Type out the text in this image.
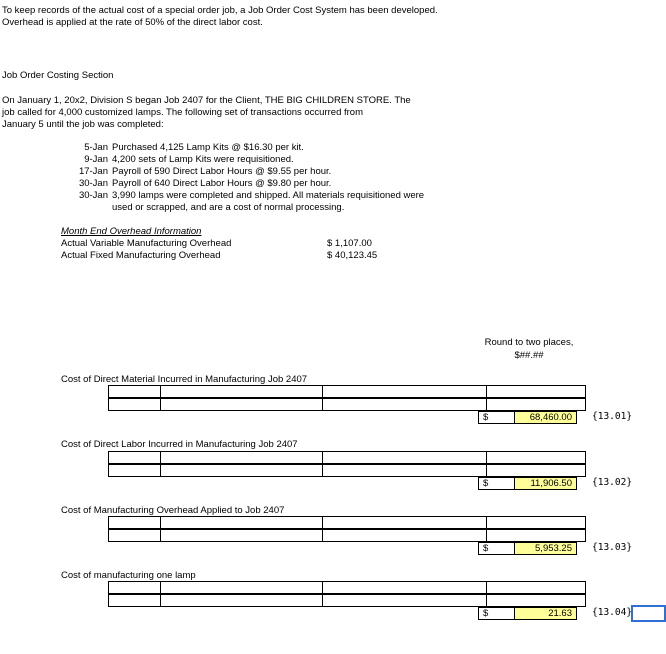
To keep records of the actual cost of a special order job, a Job Order Cost System has been developed.
Overhead is applied at the rate of 50% of the direct labor cost.
Job Order Costing Section
On January 1, 20x2, Division S began Job 2407 for the Client, THE BIG CHILDREN STORE. The
job called for 4,000 customized lamps. The following set of transactions occurred from
January 5 until the job was completed:
5-Jan Purchased 4,125 Lamp Kits @ $16.30 per kit.
9-Jan 4,200 sets of Lamp Kits were requisitioned.
17-Jan Payroll of 590 Direct Labor Hours @ $9.55 per hour.
30-Jan Payroll of 640 Direct Labor Hours @ $9.80 per hour.
30-Jan 3,990 lamps were completed and shipped. All materials requisitioned were
used or scrapped, and are a cost of normal processing.
Month End Overhead Information
Actual Variable Manufacturing Overhead	$ 1,107.00
Actual Fixed Manufacturing Overhead	$ 40,123.45
Round to two places,
$##.##
Cost of Direct Material Incurred in Manufacturing Job 2407
$	68,460.00	{13.01}
Cost of Direct Labor Incurred in Manufacturing Job 2407
$	11,906.50	{13.02}
Cost of Manufacturing Overhead Applied to Job 2407
$	5,953.25	{13.03}
Cost of manufacturing one lamp
$	21.63	{13.04}
